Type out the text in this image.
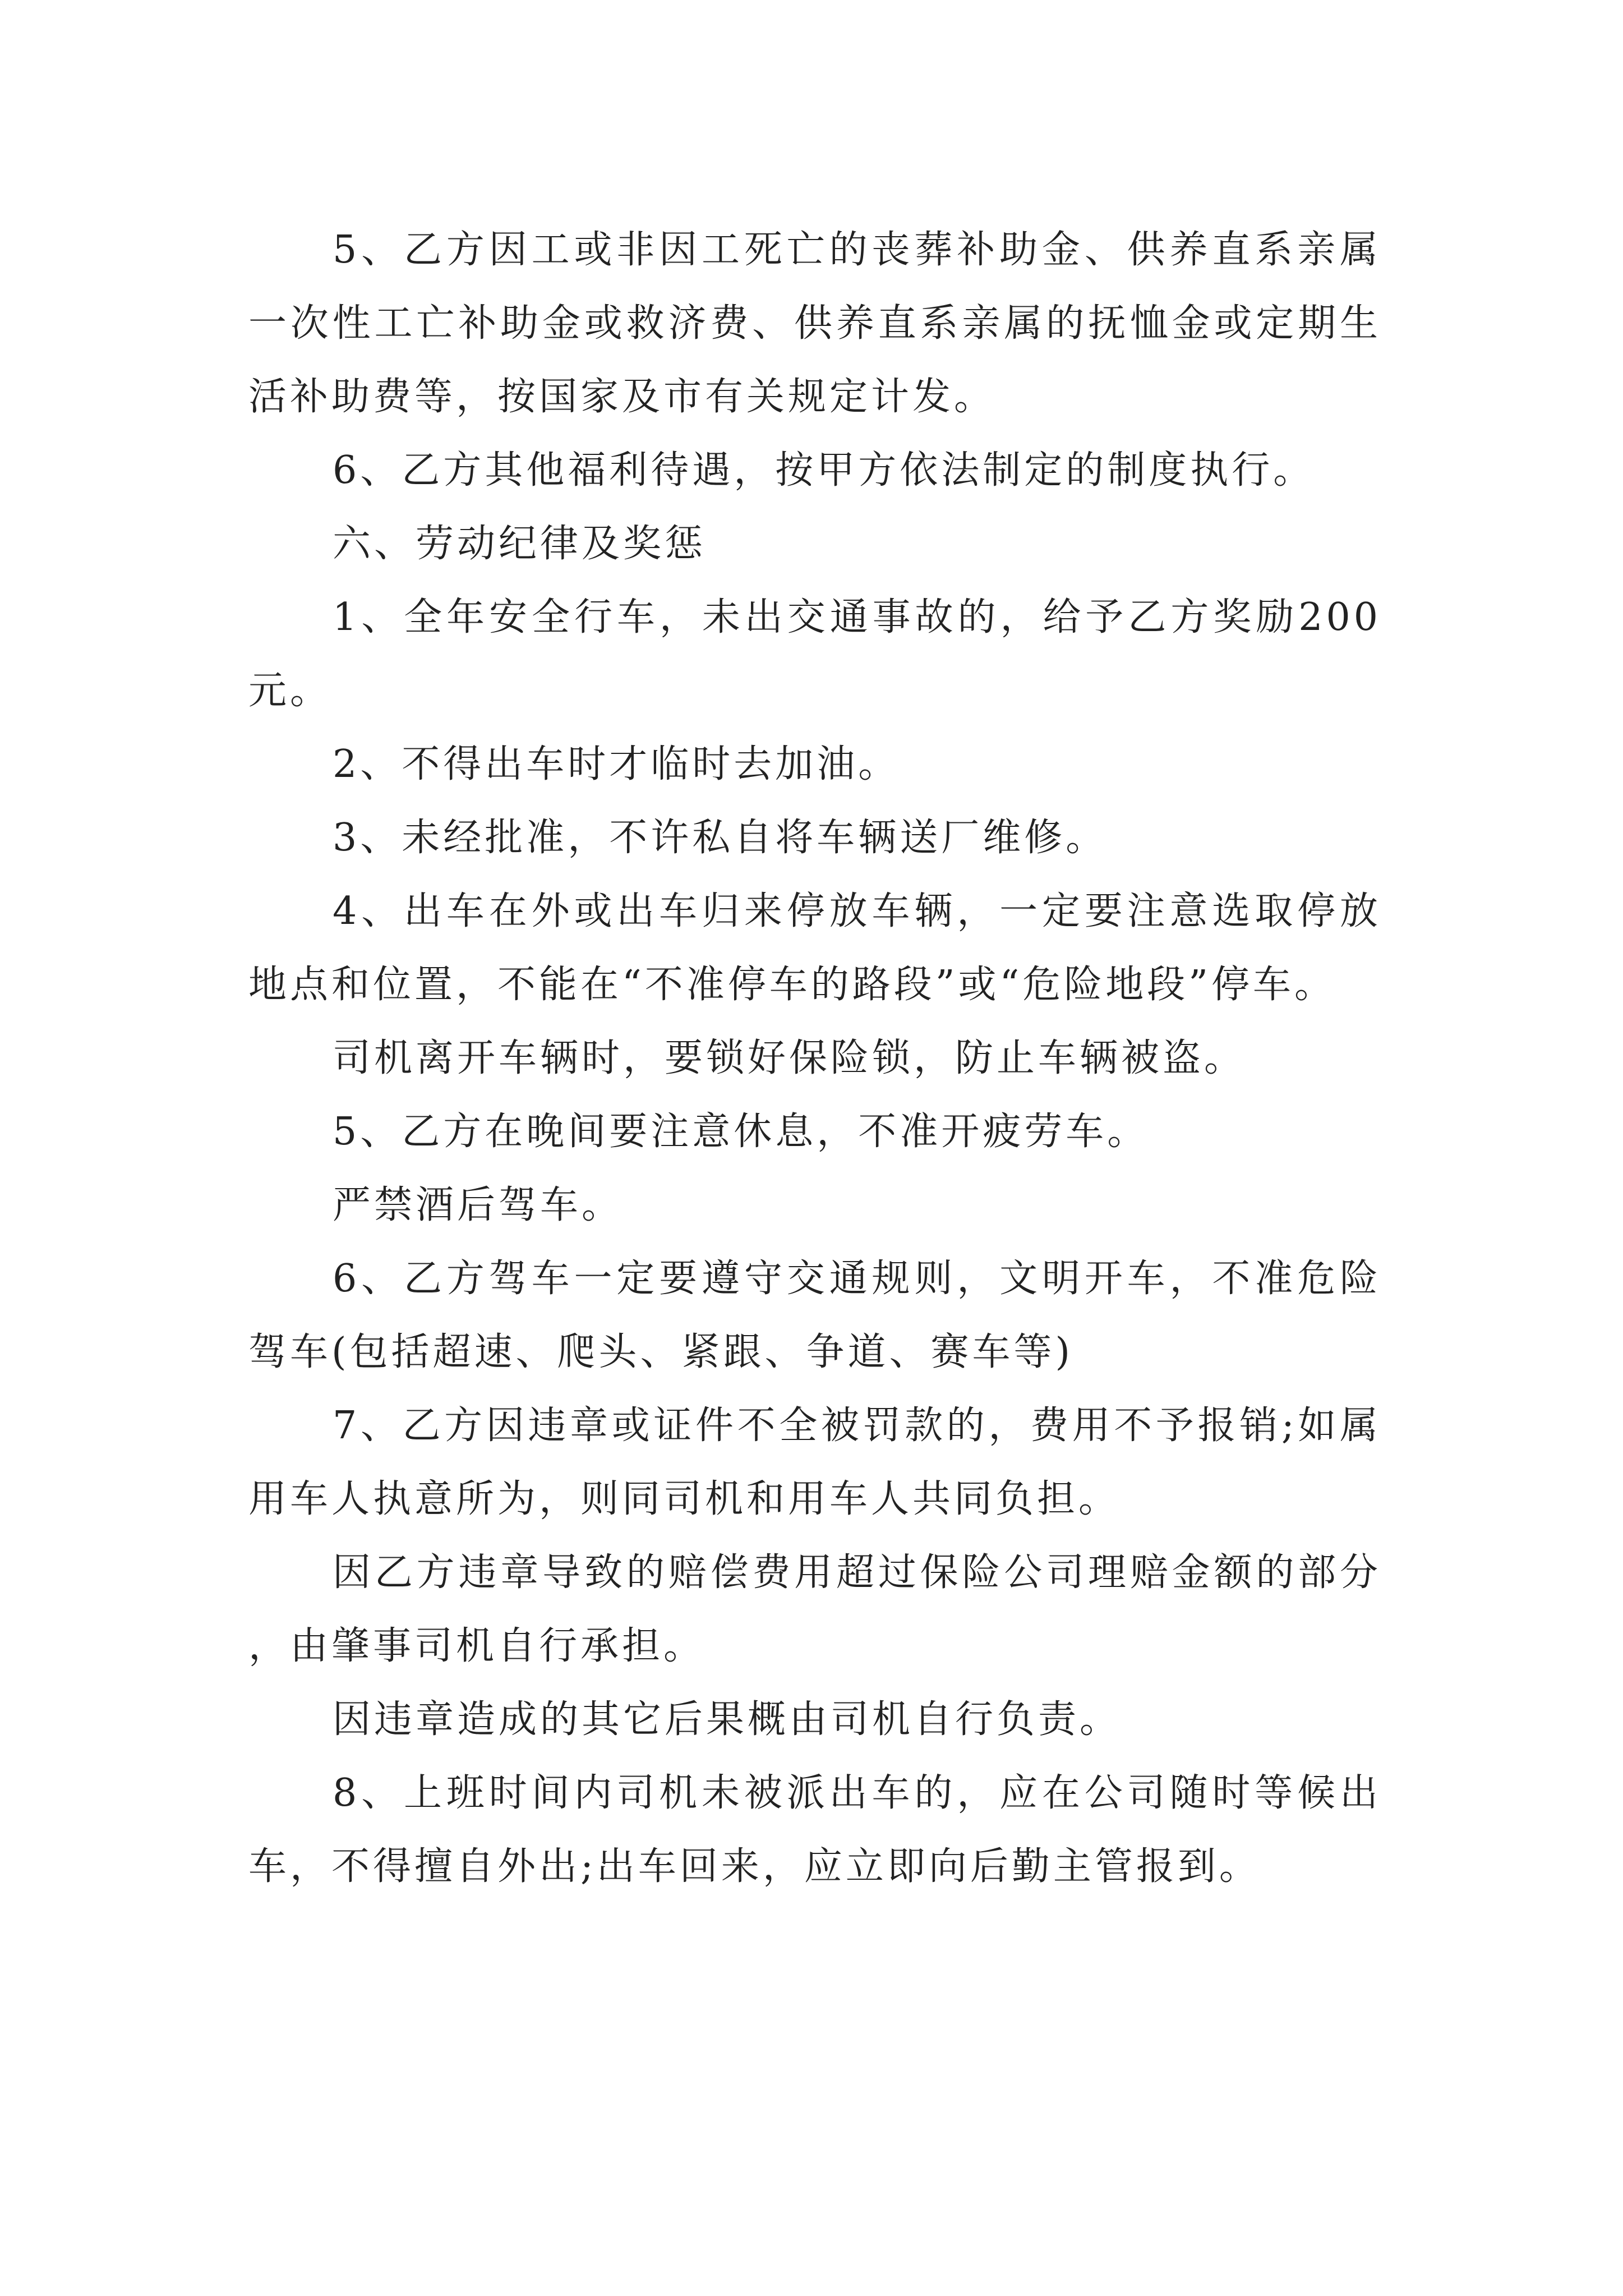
5、乙方因工或非因工死亡的丧葬补助金、供养直系亲属一次性工亡补助金或救济费、供养直系亲属的抚恤金或定期生活补助费等，按国家及市有关规定计发。

6、乙方其他福利待遇，按甲方依法制定的制度执行。

六、劳动纪律及奖惩

1、全年安全行车，未出交通事故的，给予乙方奖励200元。

2、不得出车时才临时去加油。

3、未经批准，不许私自将车辆送厂维修。

4、出车在外或出车归来停放车辆，一定要注意选取停放地点和位置，不能在“不准停车的路段”或“危险地段”停车。

司机离开车辆时，要锁好保险锁，防止车辆被盗。

5、乙方在晚间要注意休息，不准开疲劳车。

严禁酒后驾车。

6、乙方驾车一定要遵守交通规则，文明开车，不准危险驾车(包括超速、爬头、紧跟、争道、赛车等)

7、乙方因违章或证件不全被罚款的，费用不予报销;如属用车人执意所为，则同司机和用车人共同负担。

因乙方违章导致的赔偿费用超过保险公司理赔金额的部分，由肇事司机自行承担。

因违章造成的其它后果概由司机自行负责。

8、上班时间内司机未被派出车的，应在公司随时等候出车，不得擅自外出;出车回来，应立即向后勤主管报到。
